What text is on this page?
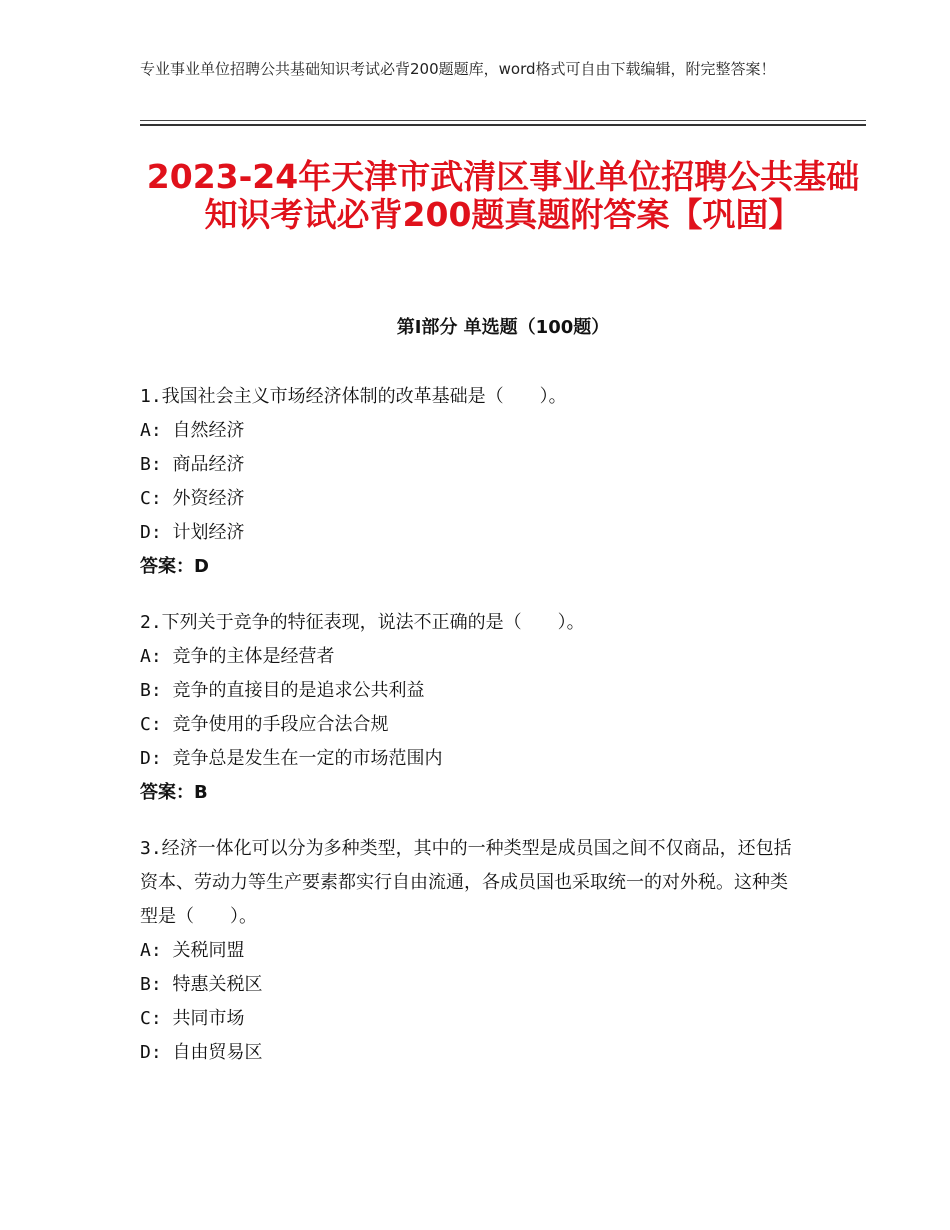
专业事业单位招聘公共基础知识考试必背200题题库，word格式可自由下载编辑，附完整答案！
2023-24年天津市武清区事业单位招聘公共基础知识考试必背200题真题附答案【巩固】
第Ⅰ部分 单选题（100题）

1.我国社会主义市场经济体制的改革基础是（　　）。

A: 自然经济

B: 商品经济

C: 外资经济

D: 计划经济

答案：D

2.下列关于竞争的特征表现，说法不正确的是（　　）。

A: 竞争的主体是经营者

B: 竞争的直接目的是追求公共利益

C: 竞争使用的手段应合法合规

D: 竞争总是发生在一定的市场范围内

答案：B

3.经济一体化可以分为多种类型，其中的一种类型是成员国之间不仅商品，还包括资本、劳动力等生产要素都实行自由流通，各成员国也采取统一的对外税。这种类型是（　　）。

A: 关税同盟

B: 特惠关税区

C: 共同市场

D: 自由贸易区
